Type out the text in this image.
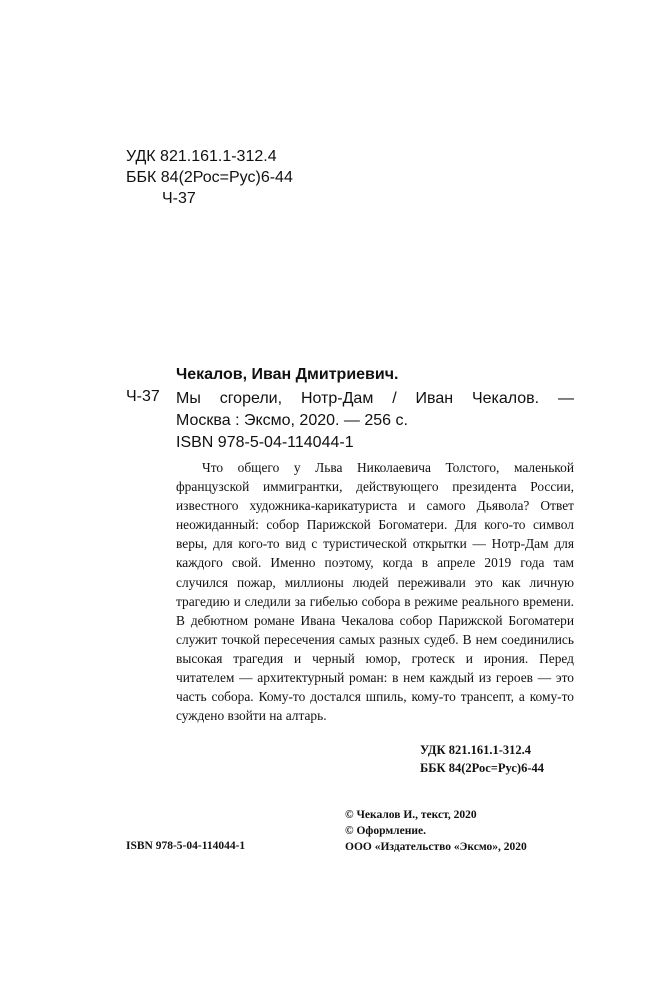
УДК 821.161.1-312.4
ББК 84(2Рос=Рус)6-44
Ч-37
Чекалов, Иван Дмитриевич.
Ч-37 Мы сгорели, Нотр-Дам / Иван Чекалов. —
Москва : Эксмо, 2020. — 256 с.
ISBN 978-5-04-114044-1

Что общего у Льва Николаевича Толстого, маленькой французской иммигрантки, действующего президента России, известного художника-карикатуриста и самого Дьявола? Ответ неожиданный: собор Парижской Богоматери. Для кого-то символ веры, для кого-то вид с туристической открытки — Нотр-Дам для каждого свой. Именно поэтому, когда в апреле 2019 года там случился пожар, миллионы людей переживали это как личную трагедию и следили за гибелью собора в режиме реального времени. В дебютном романе Ивана Чекалова собор Парижской Богоматери служит точкой пересечения самых разных судеб. В нем соединились высокая трагедия и черный юмор, гротеск и ирония. Перед читателем — архитектурный роман: в нем каждый из героев — это часть собора. Кому-то достался шпиль, кому-то трансепт, а кому-то суждено взойти на алтарь.

УДК 821.161.1-312.4
ББК 84(2Рос=Рус)6-44
© Чекалов И., текст, 2020
© Оформление.
ООО «Издательство «Эксмо», 2020
ISBN 978-5-04-114044-1
